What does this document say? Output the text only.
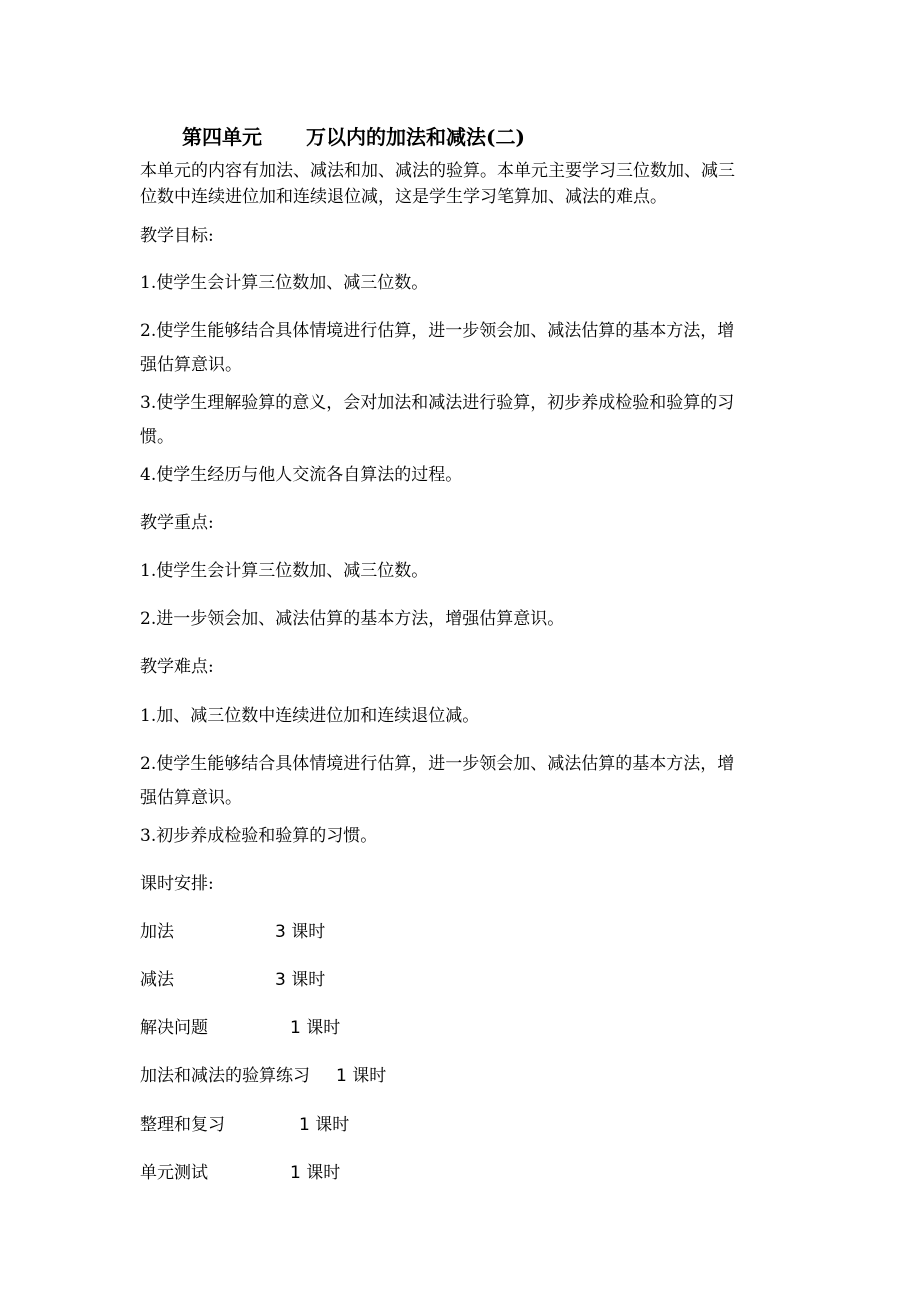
第四单元 万以内的加法和减法(二)

本单元的内容有加法、减法和加、减法的验算。本单元主要学习三位数加、减三

位数中连续进位加和连续退位减，这是学生学习笔算加、减法的难点。

教学目标:

1.使学生会计算三位数加、减三位数。

2.使学生能够结合具体情境进行估算，进一步领会加、减法估算的基本方法，增

强估算意识。

3.使学生理解验算的意义，会对加法和减法进行验算，初步养成检验和验算的习

惯。

4.使学生经历与他人交流各自算法的过程。

教学重点:

1.使学生会计算三位数加、减三位数。

2.进一步领会加、减法估算的基本方法，增强估算意识。

教学难点:

1.加、减三位数中连续进位加和连续退位减。

2.使学生能够结合具体情境进行估算，进一步领会加、减法估算的基本方法，增

强估算意识。

3.初步养成检验和验算的习惯。

课时安排:

加法	3 课时
减法	3 课时
解决问题	1 课时
加法和减法的验算练习 1 课时
整理和复习	1 课时
单元测试	1 课时
